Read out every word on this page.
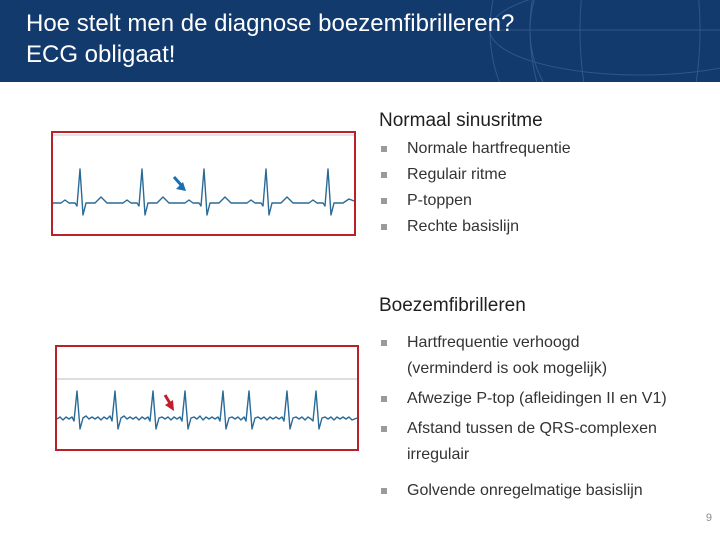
Hoe stelt men de diagnose boezemfibrilleren?
ECG obligaat!
Normaal sinusritme
Normale hartfrequentie
Regulair ritme
P-toppen
Rechte basislijn
Boezemfibrilleren
Hartfrequentie verhoogd
(verminderd is ook mogelijk)
Afwezige P-top (afleidingen II en V1)
Afstand tussen de QRS-complexen
irregulair
Golvende onregelmatige basislijn
9
